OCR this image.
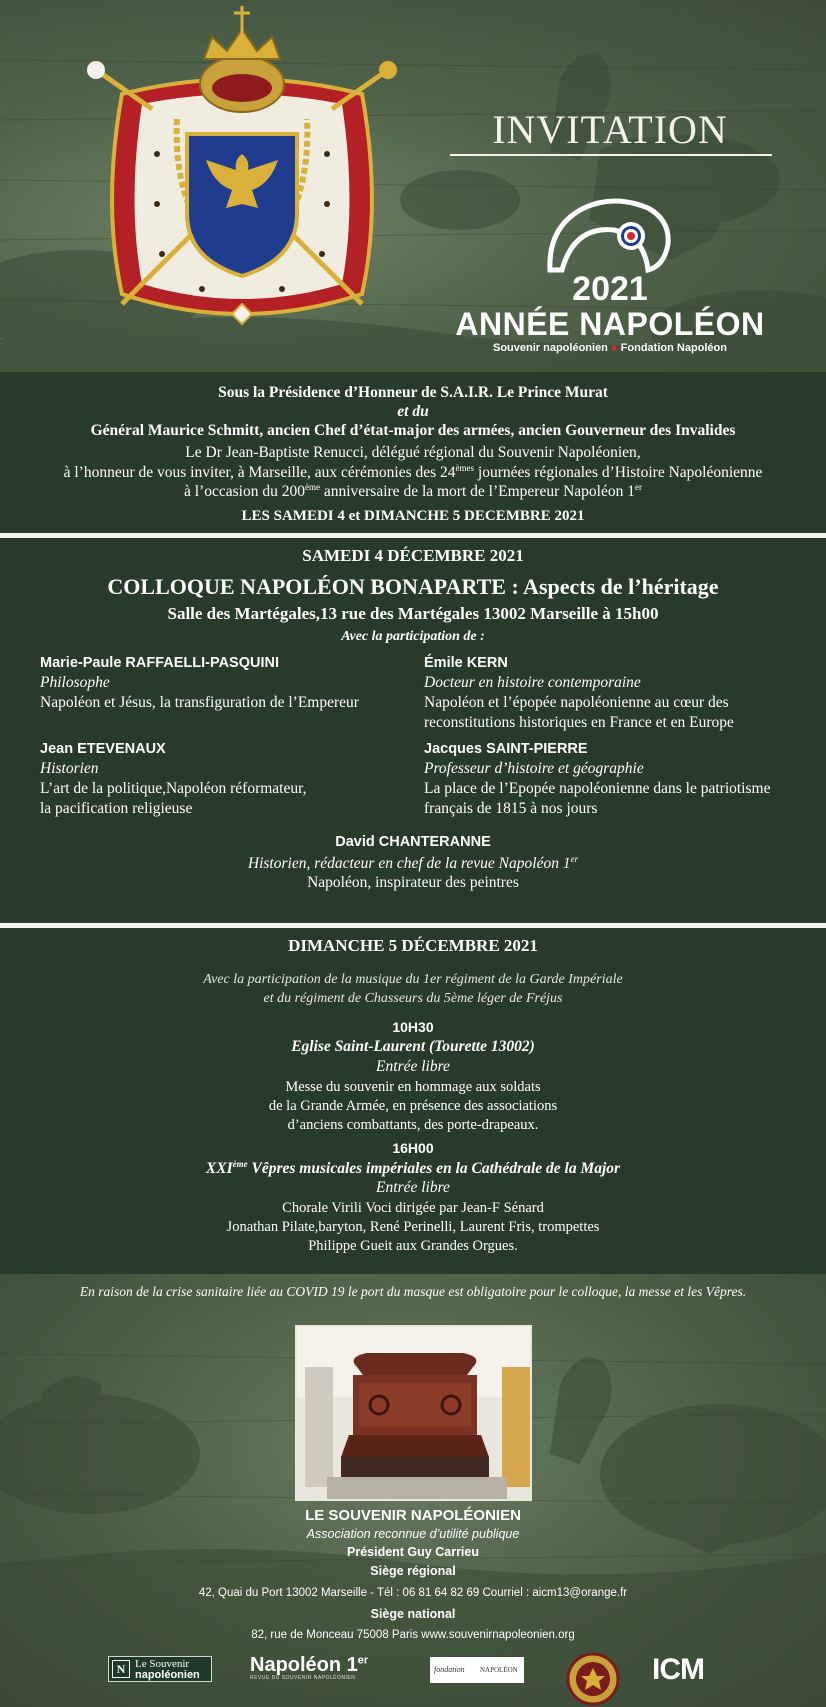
INVITATION
2021
ANNÉE NAPOLÉON
Souvenir napoléonien ● Fondation Napoléon
Sous la Présidence d’Honneur de S.A.I.R. Le Prince Murat
et du
Général Maurice Schmitt, ancien Chef d’état-major des armées, ancien Gouverneur des Invalides
Le Dr Jean-Baptiste Renucci, délégué régional du Souvenir Napoléonien,
à l’honneur de vous inviter, à Marseille, aux cérémonies des 24èmes journées régionales d’Histoire Napoléonienne
à l’occasion du 200ème anniversaire de la mort de l’Empereur Napoléon 1er
LES SAMEDI 4 et DIMANCHE 5 DECEMBRE 2021
SAMEDI 4 DÉCEMBRE 2021
COLLOQUE NAPOLÉON BONAPARTE : Aspects de l’héritage
Salle des Martégales,13 rue des Martégales 13002 Marseille à 15h00
Avec la participation de :
Marie-Paule RAFFAELLI-PASQUINI
Philosophe
Napoléon et Jésus, la transfiguration de l’Empereur
Émile KERN
Docteur en histoire contemporaine
Napoléon et l’épopée napoléonienne au cœur des
reconstitutions historiques en France et en Europe
Jean ETEVENAUX
Historien
L’art de la politique,Napoléon réformateur,
la pacification religieuse
Jacques SAINT-PIERRE
Professeur d’histoire et géographie
La place de l’Epopée napoléonienne dans le patriotisme
français de 1815 à nos jours
David CHANTERANNE
Historien, rédacteur en chef de la revue Napoléon 1er
Napoléon, inspirateur des peintres
DIMANCHE 5 DÉCEMBRE 2021
Avec la participation de la musique du 1er régiment de la Garde Impériale
et du régiment de Chasseurs du 5ème léger de Fréjus
10H30
Eglise Saint-Laurent (Tourette 13002)
Entrée libre
Messe du souvenir en hommage aux soldats
de la Grande Armée, en présence des associations
d’anciens combattants, des porte-drapeaux.
16H00
XXIème Vêpres musicales impériales en la Cathédrale de la Major
Entrée libre
Chorale Virili Voci dirigée par Jean-F Sénard
Jonathan Pilate,baryton, René Perinelli, Laurent Fris, trompettes
Philippe Gueit aux Grandes Orgues.
En raison de la crise sanitaire liée au COVID 19 le port du masque est obligatoire pour le colloque, la messe et les Vêpres.
LE SOUVENIR NAPOLÉONIEN
Association reconnue d’utilité publique
Président Guy Carrieu
Siège régional
42, Quai du Port 13002 Marseille - Tél : 06 81 64 82 69 Courriel : aicm13@orange.fr
Siège national
82, rue de Monceau 75008 Paris www.souvenirnapoleonien.org
N Le Souvenir
napoléonien	Napoléon 1er
REVUE DU SOUVENIR NAPOLÉONIEN
fondation NAPOLÉON	ICM
